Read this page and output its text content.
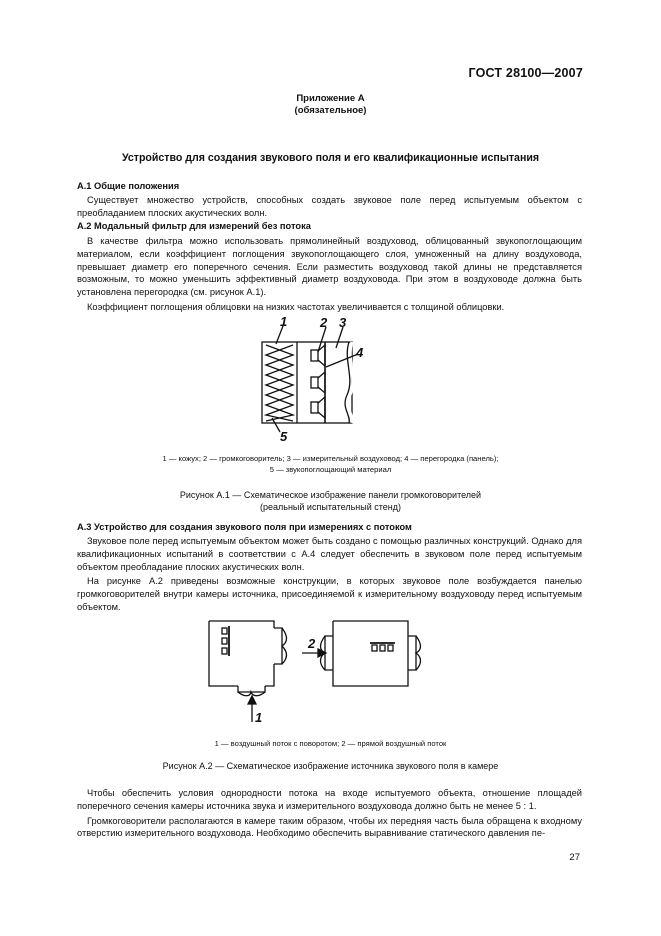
ГОСТ 28100—2007
Приложение А
(обязательное)
Устройство для создания звукового поля и его квалификационные испытания
А.1 Общие положения

Существует множество устройств, способных создать звуковое поле перед испытуемым объектом с преобладанием плоских акустических волн.

А.2 Модальный фильтр для измерений без потока

В качестве фильтра можно использовать прямолинейный воздуховод, облицованный звукопоглощающим материалом, если коэффициент поглощения звукопоглощающего слоя, умноженный на длину воздуховода, превышает диаметр его поперечного сечения. Если разместить воздуховод такой длины не представляется возможным, то можно уменьшить эффективный диаметр воздуховода. При этом в воздуховоде должна быть установлена перегородка (см. рисунок А.1).

Коэффициент поглощения облицовки на низких частотах увеличивается с толщиной облицовки.

1	2 3
4
5
1 — кожух; 2 — громкоговоритель; 3 — измерительный воздуховод; 4 — перегородка (панель);
5 — звукопоглощающий материал
Рисунок А.1 — Схематическое изображение панели громкоговорителей
(реальный испытательный стенд)
А.3 Устройство для создания звукового поля при измерениях с потоком

Звуковое поле перед испытуемым объектом может быть создано с помощью различных конструкций. Однако для квалификационных испытаний в соответствии с А.4 следует обеспечить в звуковом поле перед испытуемым объектом преобладание плоских акустических волн.

На рисунке А.2 приведены возможные конструкции, в которых звуковое поле возбуждается панелью громкоговорителей внутри камеры источника, присоединяемой к измерительному воздуховоду перед испытуемым объектом.

2
1
1 — воздушный поток с поворотом; 2 — прямой воздушный поток
Рисунок А.2 — Схематическое изображение источника звукового поля в камере

Чтобы обеспечить условия однородности потока на входе испытуемого объекта, отношение площадей поперечного сечения камеры источника звука и измерительного воздуховода должно быть не менее 5 : 1.

Громкоговорители располагаются в камере таким образом, чтобы их передняя часть была обращена к входному отверстию измерительного воздуховода. Необходимо обеспечить выравнивание статического давления пе-

27
